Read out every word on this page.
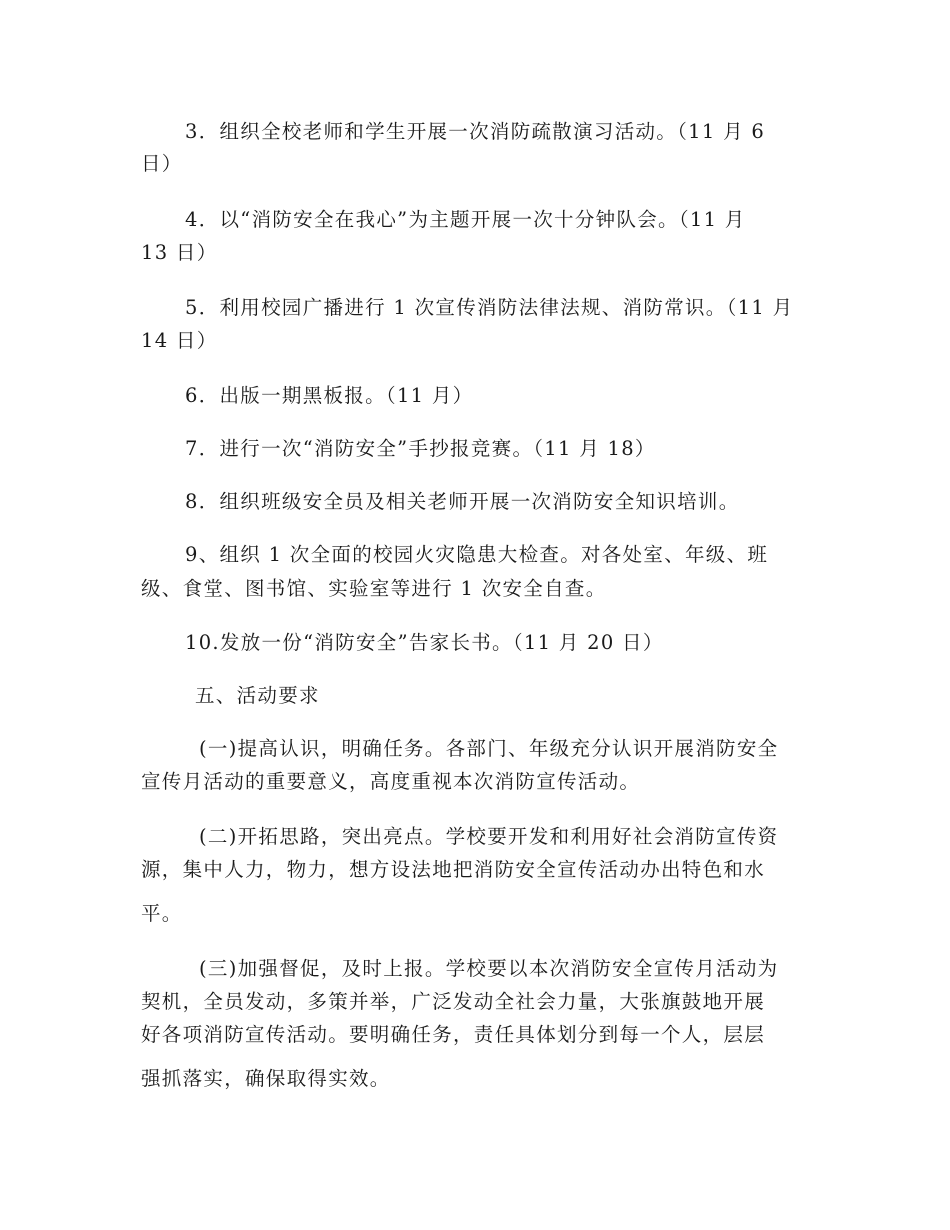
3．组织全校老师和学生开展一次消防疏散演习活动。（11 月 6
日）
4．以“消防安全在我心”为主题开展一次十分钟队会。（11 月
13 日）
5．利用校园广播进行 1 次宣传消防法律法规、消防常识。（11 月
14 日）
6．出版一期黑板报。（11 月）
7．进行一次“消防安全”手抄报竞赛。（11 月 18）
8．组织班级安全员及相关老师开展一次消防安全知识培训。
9、组织 1 次全面的校园火灾隐患大检查。对各处室、年级、班
级、食堂、图书馆、实验室等进行 1 次安全自查。
10.发放一份“消防安全”告家长书。（11 月 20 日）
五、活动要求
(一)提高认识，明确任务。各部门、年级充分认识开展消防安全
宣传月活动的重要意义，高度重视本次消防宣传活动。
(二)开拓思路，突出亮点。学校要开发和利用好社会消防宣传资
源，集中人力，物力，想方设法地把消防安全宣传活动办出特色和水
平。
(三)加强督促，及时上报。学校要以本次消防安全宣传月活动为
契机，全员发动，多策并举，广泛发动全社会力量，大张旗鼓地开展
好各项消防宣传活动。要明确任务，责任具体划分到每一个人，层层
强抓落实，确保取得实效。
